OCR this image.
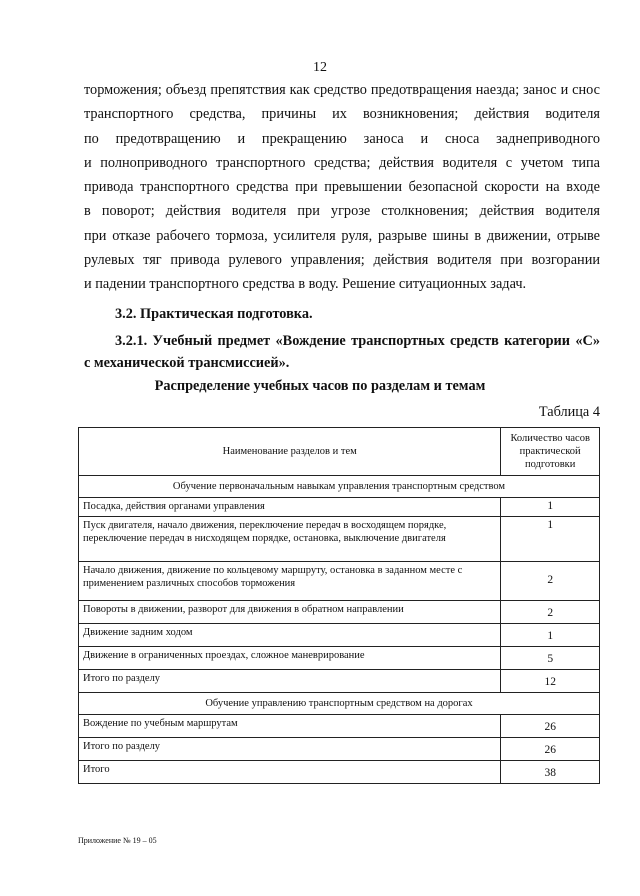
12
торможения; объезд препятствия как средство предотвращения наезда; занос и снос
транспортного средства, причины их возникновения; действия водителя
по предотвращению и прекращению заноса и сноса заднеприводного
и полноприводного транспортного средства; действия водителя с учетом типа
привода транспортного средства при превышении безопасной скорости на входе
в поворот; действия водителя при угрозе столкновения; действия водителя
при отказе рабочего тормоза, усилителя руля, разрыве шины в движении, отрыве
рулевых тяг привода рулевого управления; действия водителя при возгорании
и падении транспортного средства в воду. Решение ситуационных задач.
3.2. Практическая подготовка.
3.2.1. Учебный предмет «Вождение транспортных средств категории «С»
с механической трансмиссией».
Распределение учебных часов по разделам и темам
Таблица 4
Наименование разделов и тем	Количество часов практической подготовки
Обучение первоначальным навыкам управления транспортным средством	
Посадка, действия органами управления	1
Пуск двигателя, начало движения, переключение передач в восходящем порядке, переключение передач в нисходящем порядке, остановка, выключение двигателя	1
Начало движения, движение по кольцевому маршруту, остановка в заданном месте с применением различных способов торможения	2
Повороты в движении, разворот для движения в обратном направлении	2
Движение задним ходом	1
Движение в ограниченных проездах, сложное маневрирование	5
Итого по разделу	12
Обучение управлению транспортным средством на дорогах	
Вождение по учебным маршрутам	26
Итого по разделу	26
Итого	38
Приложение № 19 – 05
